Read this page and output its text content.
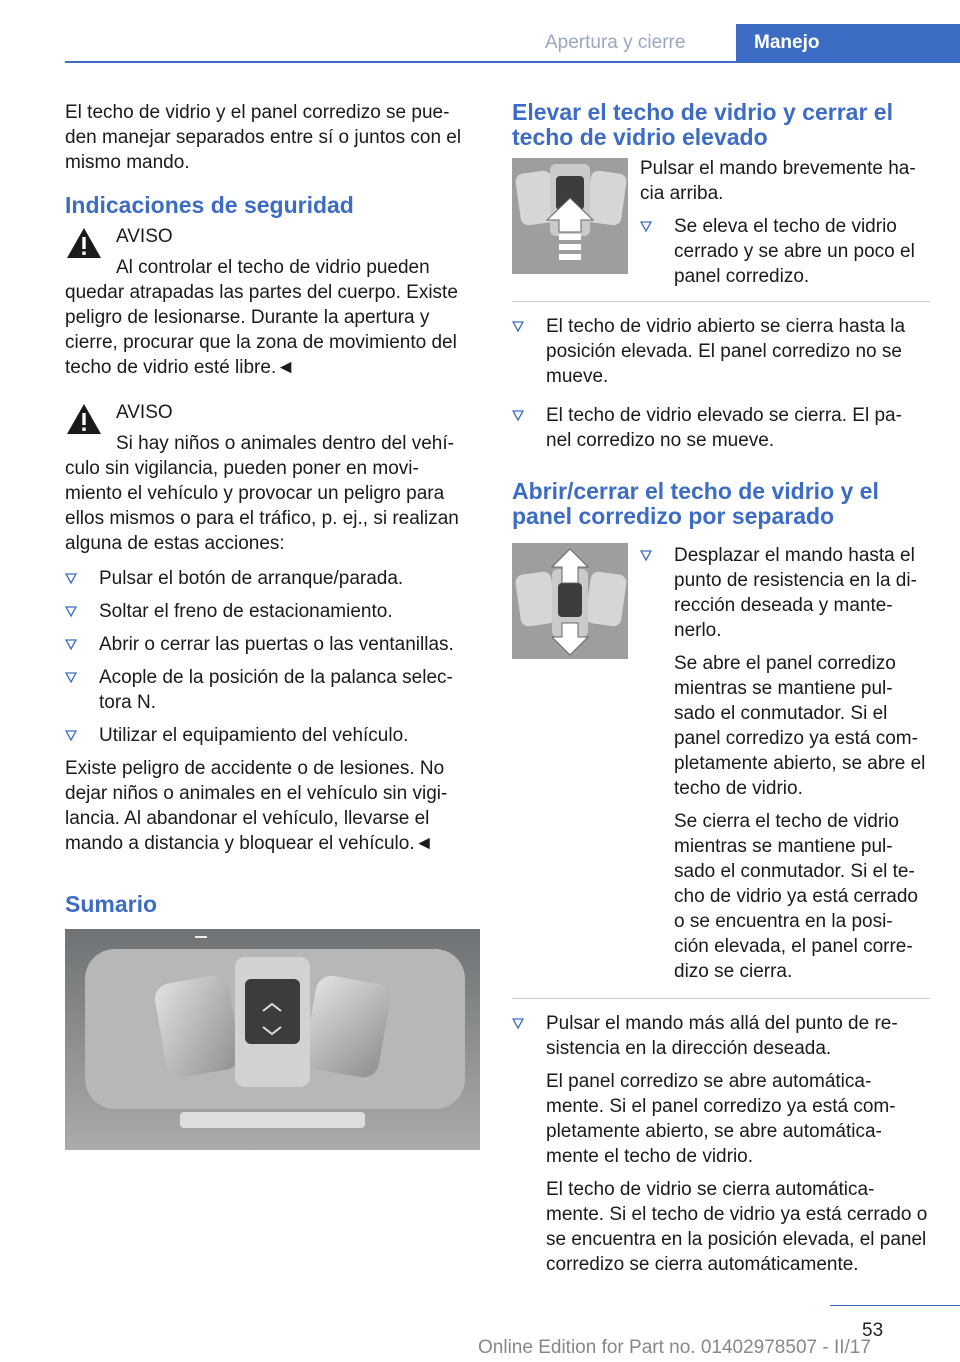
Apertura y cierre	Manejo

El techo de vidrio y el panel corredizo se pue- den manejar separados entre sí o juntos con el mismo mando.

Indicaciones de seguridad
AVISO
Al controlar el techo de vidrio pueden quedar atrapadas las partes del cuerpo. Existe peligro de lesionarse. Durante la apertura y cierre, procurar que la zona de movimiento del techo de vidrio esté libre.◄
AVISO
Si hay niños o animales dentro del vehí- culo sin vigilancia, pueden poner en movi- miento el vehículo y provocar un peligro para ellos mismos o para el tráfico, p. ej., si realizan alguna de estas acciones:
Pulsar el botón de arranque/parada.
Soltar el freno de estacionamiento.
Abrir o cerrar las puertas o las ventanillas.
Acople de la posición de la palanca selec- tora N.
Utilizar el equipamiento del vehículo.

Existe peligro de accidente o de lesiones. No dejar niños o animales en el vehículo sin vigi- lancia. Al abandonar el vehículo, llevarse el mando a distancia y bloquear el vehículo.◄

Sumario
Elevar el techo de vidrio y cerrar el techo de vidrio elevado

Pulsar el mando brevemente ha- cia arriba.

Se eleva el techo de vidrio cerrado y se abre un poco el panel corredizo.
El techo de vidrio abierto se cierra hasta la posición elevada. El panel corredizo no se mueve.
El techo de vidrio elevado se cierra. El pa- nel corredizo no se mueve.
Abrir/cerrar el techo de vidrio y el panel corredizo por separado
Desplazar el mando hasta el punto de resistencia en la di- rección deseada y mante- nerlo.
Se abre el panel corredizo mientras se mantiene pul- sado el conmutador. Si el panel corredizo ya está com- pletamente abierto, se abre el techo de vidrio.
Se cierra el techo de vidrio mientras se mantiene pul- sado el conmutador. Si el te- cho de vidrio ya está cerrado o se encuentra en la posi- ción elevada, el panel corre- dizo se cierra.
Pulsar el mando más allá del punto de re- sistencia en la dirección deseada.
El panel corredizo se abre automática- mente. Si el panel corredizo ya está com- pletamente abierto, se abre automática- mente el techo de vidrio.
El techo de vidrio se cierra automática- mente. Si el techo de vidrio ya está cerrado o se encuentra en la posición elevada, el panel corredizo se cierra automáticamente.
53
Online Edition for Part no. 01402978507 - II/17
